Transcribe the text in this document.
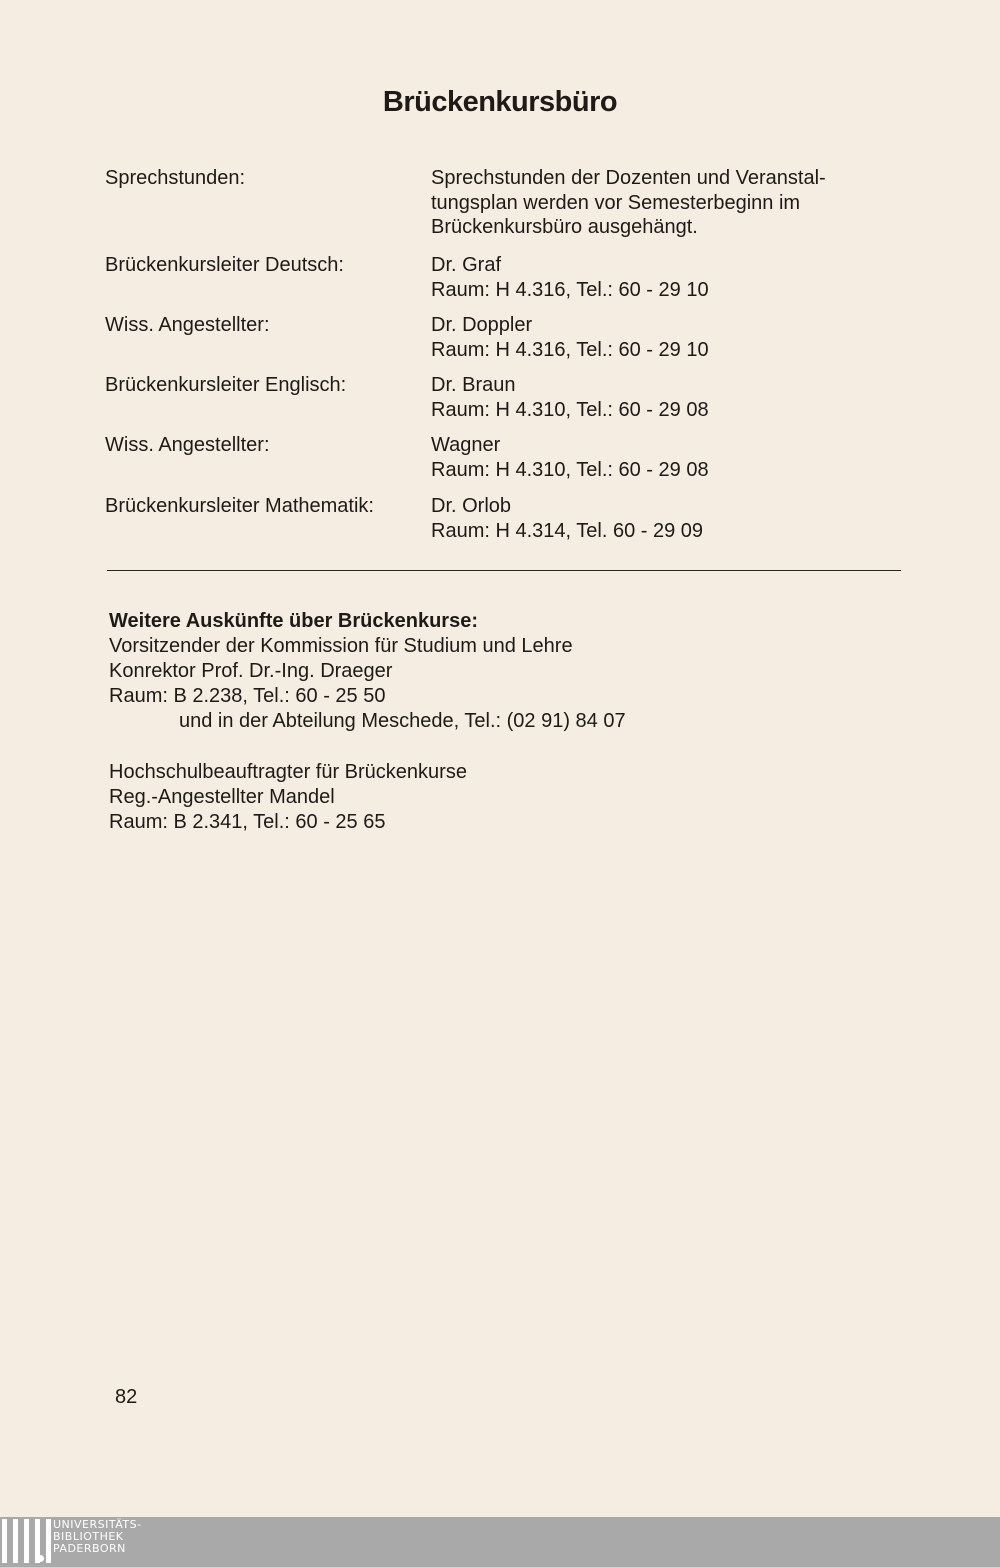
Brückenkursbüro
Sprechstunden:	Sprechstunden der Dozenten und Veranstal-
tungsplan werden vor Semesterbeginn im
Brückenkursbüro ausgehängt.
Brückenkursleiter Deutsch:	Dr. Graf
Raum: H 4.316, Tel.: 60 - 29 10
Wiss. Angestellter:	Dr. Doppler
Raum: H 4.316, Tel.: 60 - 29 10
Brückenkursleiter Englisch:	Dr. Braun
Raum: H 4.310, Tel.: 60 - 29 08
Wiss. Angestellter:	Wagner
Raum: H 4.310, Tel.: 60 - 29 08
Brückenkursleiter Mathematik:	Dr. Orlob
Raum: H 4.314, Tel. 60 - 29 09
Weitere Auskünfte über Brückenkurse:
Vorsitzender der Kommission für Studium und Lehre
Konrektor Prof. Dr.-Ing. Draeger
Raum: B 2.238, Tel.: 60 - 25 50
und in der Abteilung Meschede, Tel.: (02 91) 84 07
Hochschulbeauftragter für Brückenkurse
Reg.-Angestellter Mandel
Raum: B 2.341, Tel.: 60 - 25 65
82
UNIVERSITÄTS-
BIBLIOTHEK
PADERBORN
